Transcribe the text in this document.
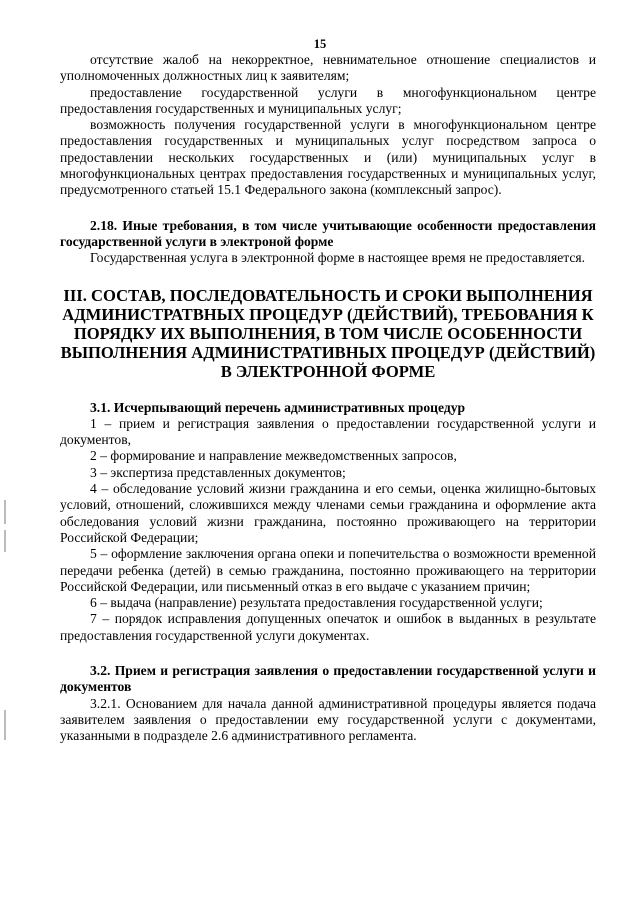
15

отсутствие жалоб на некорректное, невнимательное отношение специалистов и уполномоченных должностных лиц к заявителям;

предоставление государственной услуги в многофункциональном центре предоставления государственных и муниципальных услуг;

возможность получения государственной услуги в многофункциональном центре предоставления государственных и муниципальных услуг посредством запроса о предоставлении нескольких государственных и (или) муниципальных услуг в многофункциональных центрах предоставления государственных и муниципальных услуг, предусмотренного статьей 15.1 Федерального закона (комплексный запрос).

2.18. Иные требования, в том числе учитывающие особенности предоставления государственной услуги в электроной форме

Государственная услуга в электронной форме в настоящее время не предоставляется.

III. СОСТАВ, ПОСЛЕДОВАТЕЛЬНОСТЬ И СРОКИ ВЫПОЛНЕНИЯ АДМИНИСТРАТВНЫХ ПРОЦЕДУР (ДЕЙСТВИЙ), ТРЕБОВАНИЯ К ПОРЯДКУ ИХ ВЫПОЛНЕНИЯ, В ТОМ ЧИСЛЕ ОСОБЕННОСТИ ВЫПОЛНЕНИЯ АДМИНИСТРАТИВНЫХ ПРОЦЕДУР (ДЕЙСТВИЙ) В ЭЛЕКТРОННОЙ ФОРМЕ

3.1. Исчерпывающий перечень административных процедур

1 – прием и регистрация заявления о предоставлении государственной услуги и документов,

2 – формирование и направление межведомственных запросов,

3 – экспертиза представленных документов;

4 – обследование условий жизни гражданина и его семьи, оценка жилищно-бытовых условий, отношений, сложившихся между членами семьи гражданина и оформление акта обследования условий жизни гражданина, постоянно проживающего на территории Российской Федерации;

5 – оформление заключения органа опеки и попечительства о возможности временной передачи ребенка (детей) в семью гражданина, постоянно проживающего на территории Российской Федерации, или письменный отказ в его выдаче с указанием причин;

6 – выдача (направление) результата предоставления государственной услуги;

7 – порядок исправления допущенных опечаток и ошибок в выданных в результате предоставления государственной услуги документах.

3.2. Прием и регистрация заявления о предоставлении государственной услуги и документов

3.2.1. Основанием для начала данной административной процедуры является подача заявителем заявления о предоставлении ему государственной услуги с документами, указанными в подразделе 2.6 административного регламента.
